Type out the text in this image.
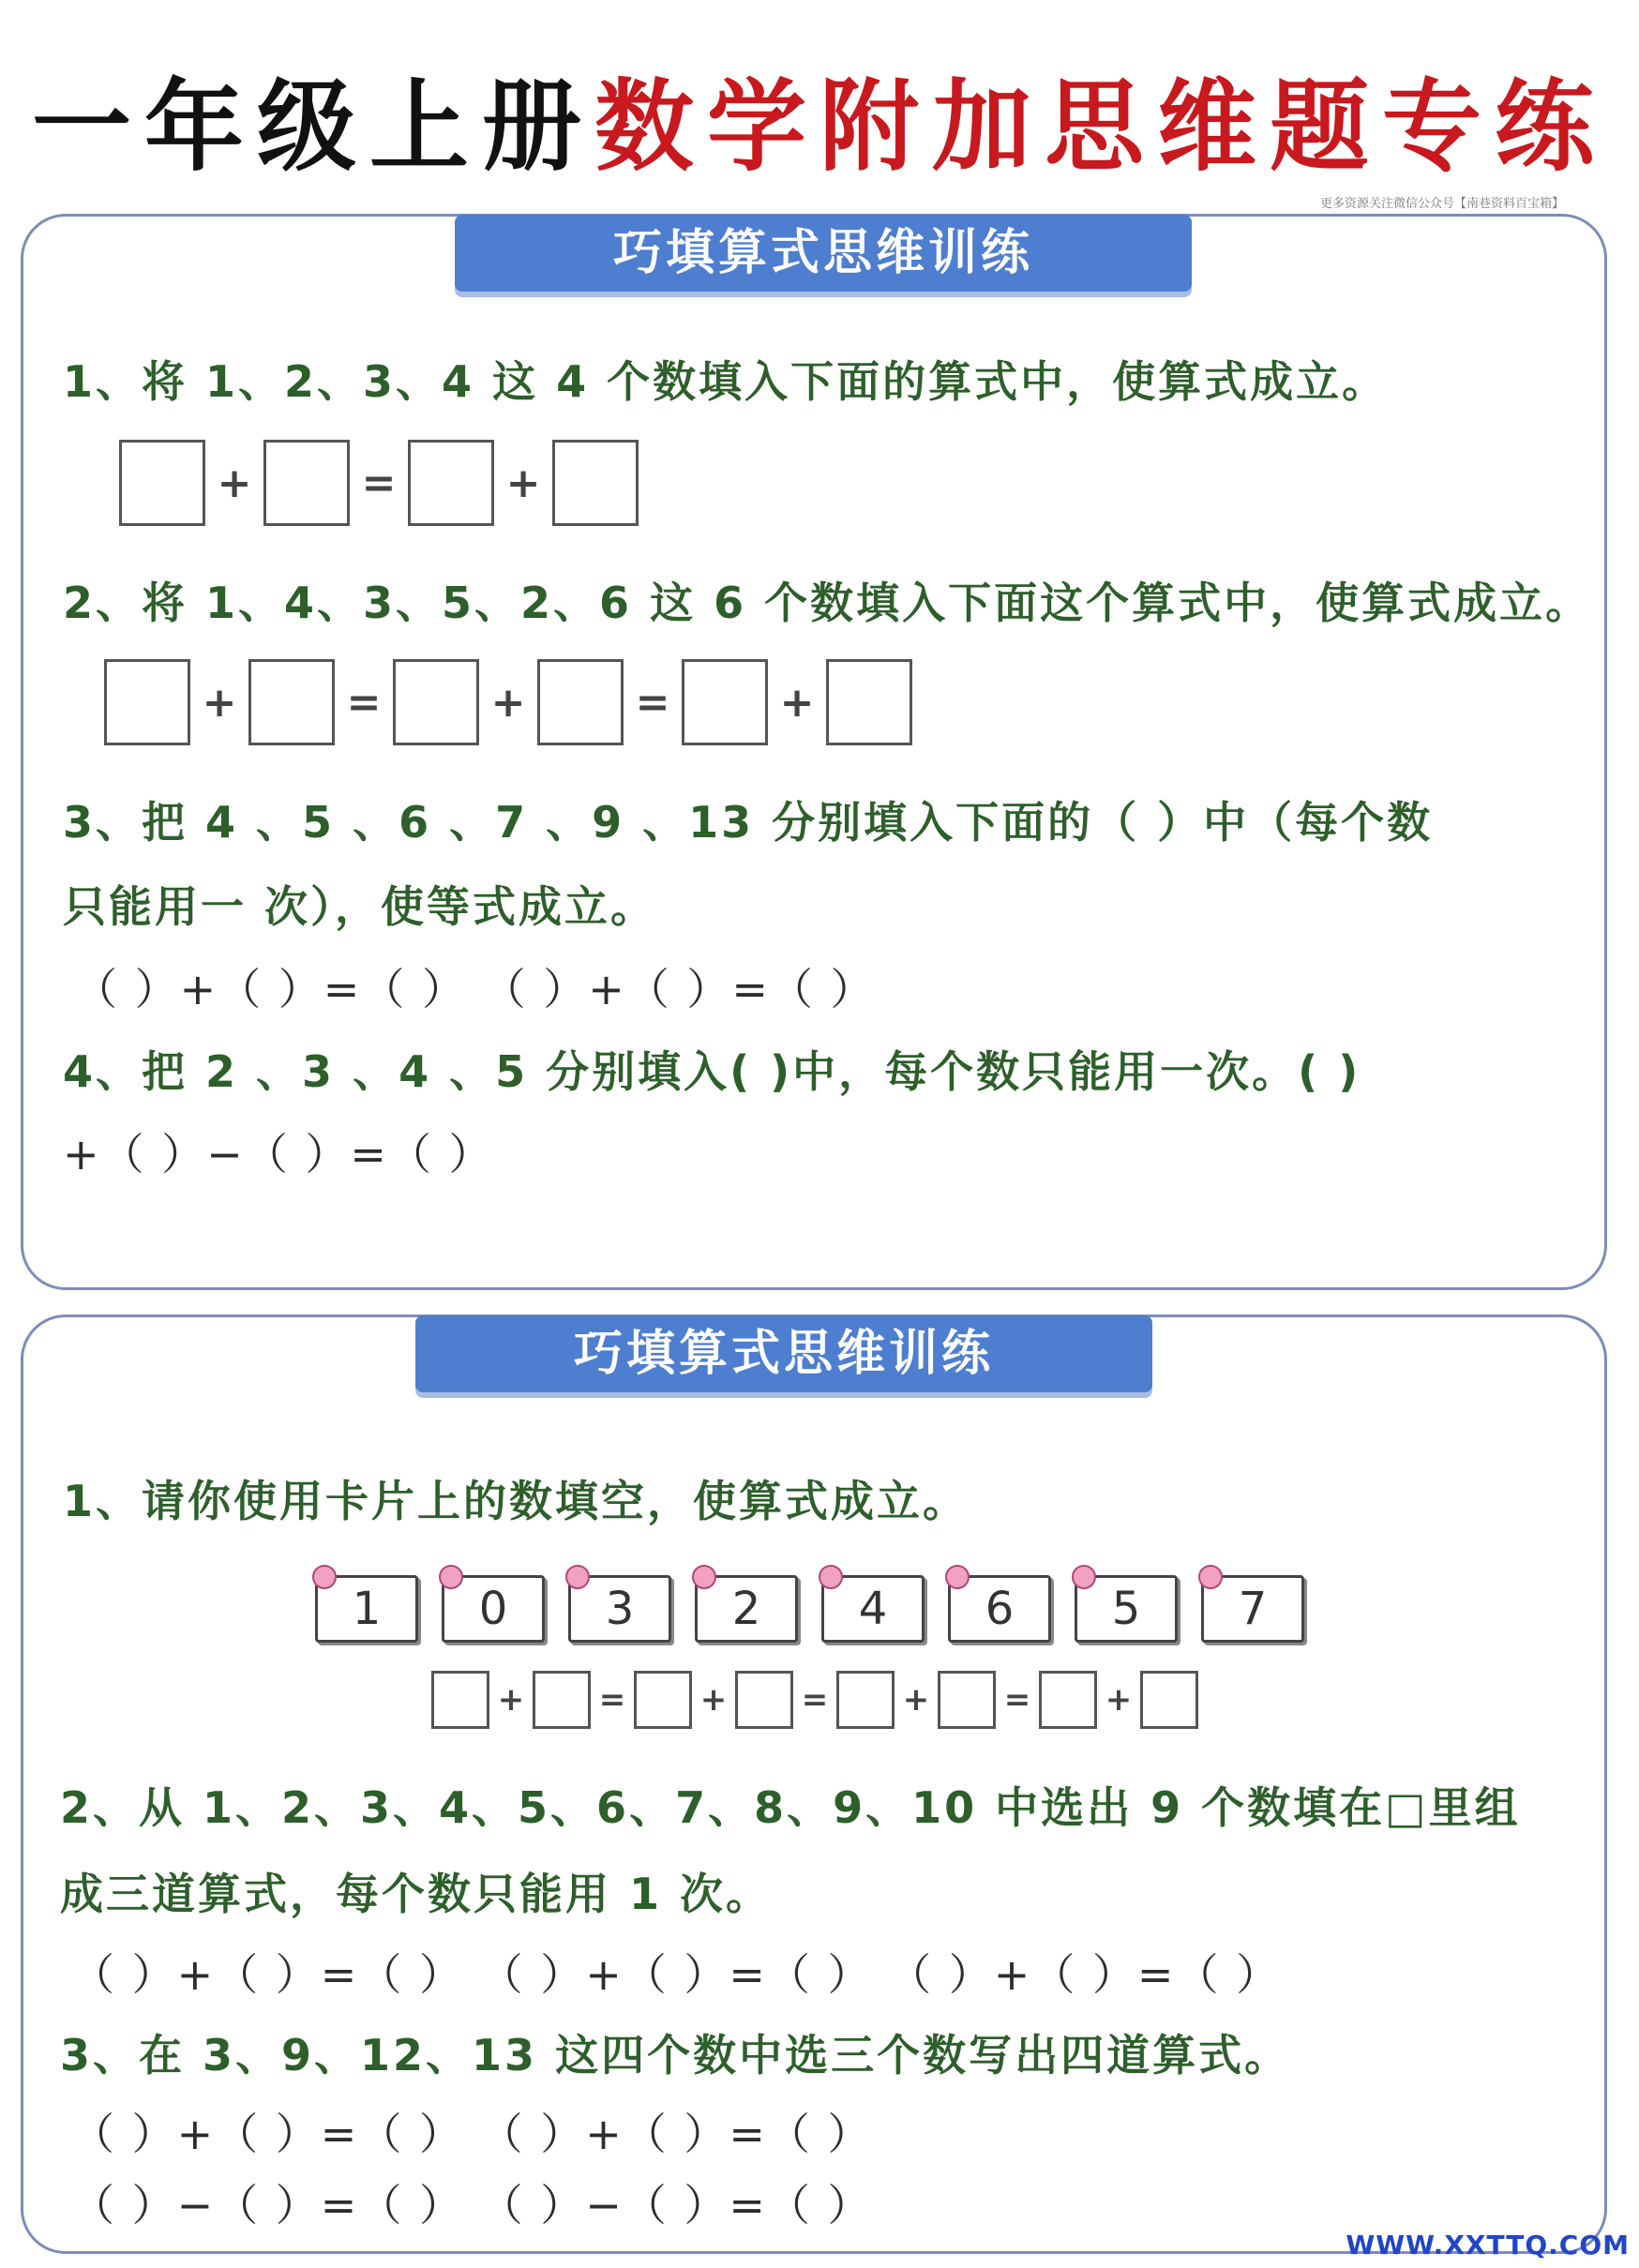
一年级上册数学附加思维题专练
更多资源关注微信公众号【南巷资料百宝箱】
巧填算式思维训练
1、将 1、2、3、4 这 4 个数填入下面的算式中，使算式成立。
+	=	+
2、将 1、4、3、5、2、6 这 6 个数填入下面这个算式中，使算式成立。
+	=	+	=	+
3、把 4 、5 、6 、7 、9 、13 分别填入下面的（ ）中（每个数
只能用一 次），使等式成立。
（ ）+（ ）=（ ） （ ）+（ ）=（ ）
4、把 2 、3 、4 、5 分别填入( )中，每个数只能用一次。( )
+（ ）−（ ）=（ ）
巧填算式思维训练
1、请你使用卡片上的数填空，使算式成立。
1 0 3 2 4 6 5 7
+ = + = + = +
2、从 1、2、3、4、5、6、7、8、9、10 中选出 9 个数填在□里组
成三道算式，每个数只能用 1 次。
（ ）+（ ）=（ ） （ ）+（ ）=（ ） （ ）+（ ）=（ ）
3、在 3、9、12、13 这四个数中选三个数写出四道算式。
（ ）+（ ）=（ ） （ ）+（ ）=（ ）
（ ）−（ ）=（ ） （ ）−（ ）=（ ）
WWW.XXTTQ.COM
